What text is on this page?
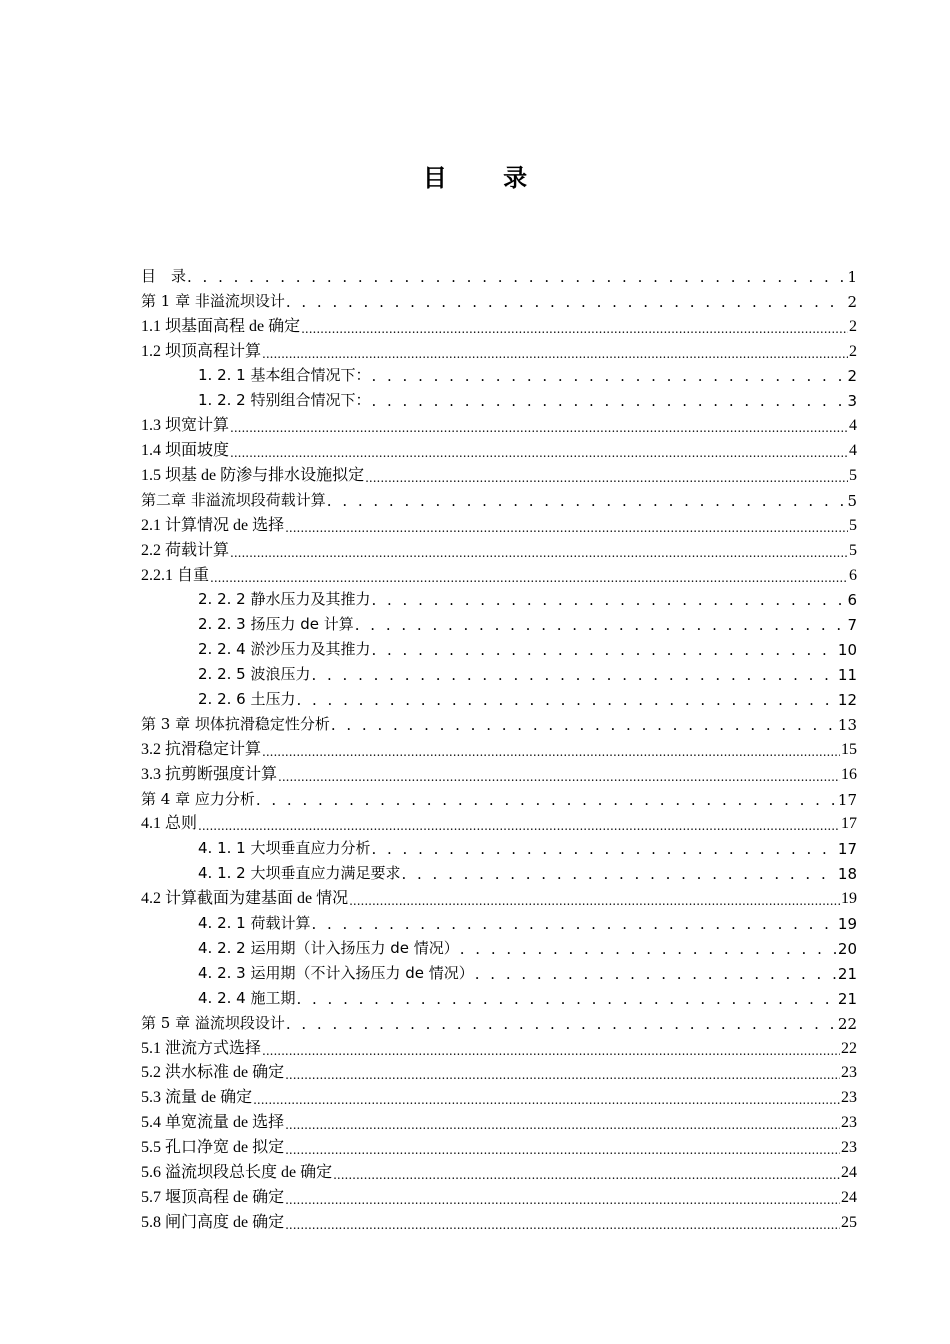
目 录
目　录 . . .	1
第 1 章 非溢流坝设计 . . .	2
1.1 坝基面高程 de 确定 .....	2
1.2 坝顶高程计算 .....	2
1. 2. 1 基本组合情况下： . . .	2
1. 2. 2 特别组合情况下： . . .	3
1.3 坝宽计算 .....	4
1.4 坝面坡度 .....	4
1.5 坝基 de 防渗与排水设施拟定 .....	5
第二章 非溢流坝段荷载计算 . . .	5
2.1 计算情况 de 选择 .....	5
2.2 荷载计算 .....	5
2.2.1 自重 .....	6
2. 2. 2 静水压力及其推力 . . .	6
2. 2. 3 扬压力 de 计算 . . .	7
2. 2. 4 淤沙压力及其推力 . . .	10
2. 2. 5 波浪压力 . . .	11
2. 2. 6 土压力 . . .	12
第 3 章 坝体抗滑稳定性分析 . . .	13
3.2 抗滑稳定计算 .....	15
3.3 抗剪断强度计算 .....	16
第 4 章 应力分析 . . .	17
4.1 总则 .....	17
4. 1. 1 大坝垂直应力分析 . . .	17
4. 1. 2 大坝垂直应力满足要求 . . .	18
4.2 计算截面为建基面 de 情况 .....	19
4. 2. 1 荷载计算 . . .	19
4. 2. 2 运用期（计入扬压力 de 情况） . . .	20
4. 2. 3 运用期（不计入扬压力 de 情况） . . .	21
4. 2. 4 施工期 . . .	21
第 5 章 溢流坝段设计 . . .	22
5.1 泄流方式选择 .....	22
5.2 洪水标准 de 确定 .....	23
5.3 流量 de 确定 .....	23
5.4 单宽流量 de 选择 .....	23
5.5 孔口净宽 de 拟定 .....	23
5.6 溢流坝段总长度 de 确定 .....	24
5.7 堰顶高程 de 确定 .....	24
5.8 闸门高度 de 确定 .....	25
